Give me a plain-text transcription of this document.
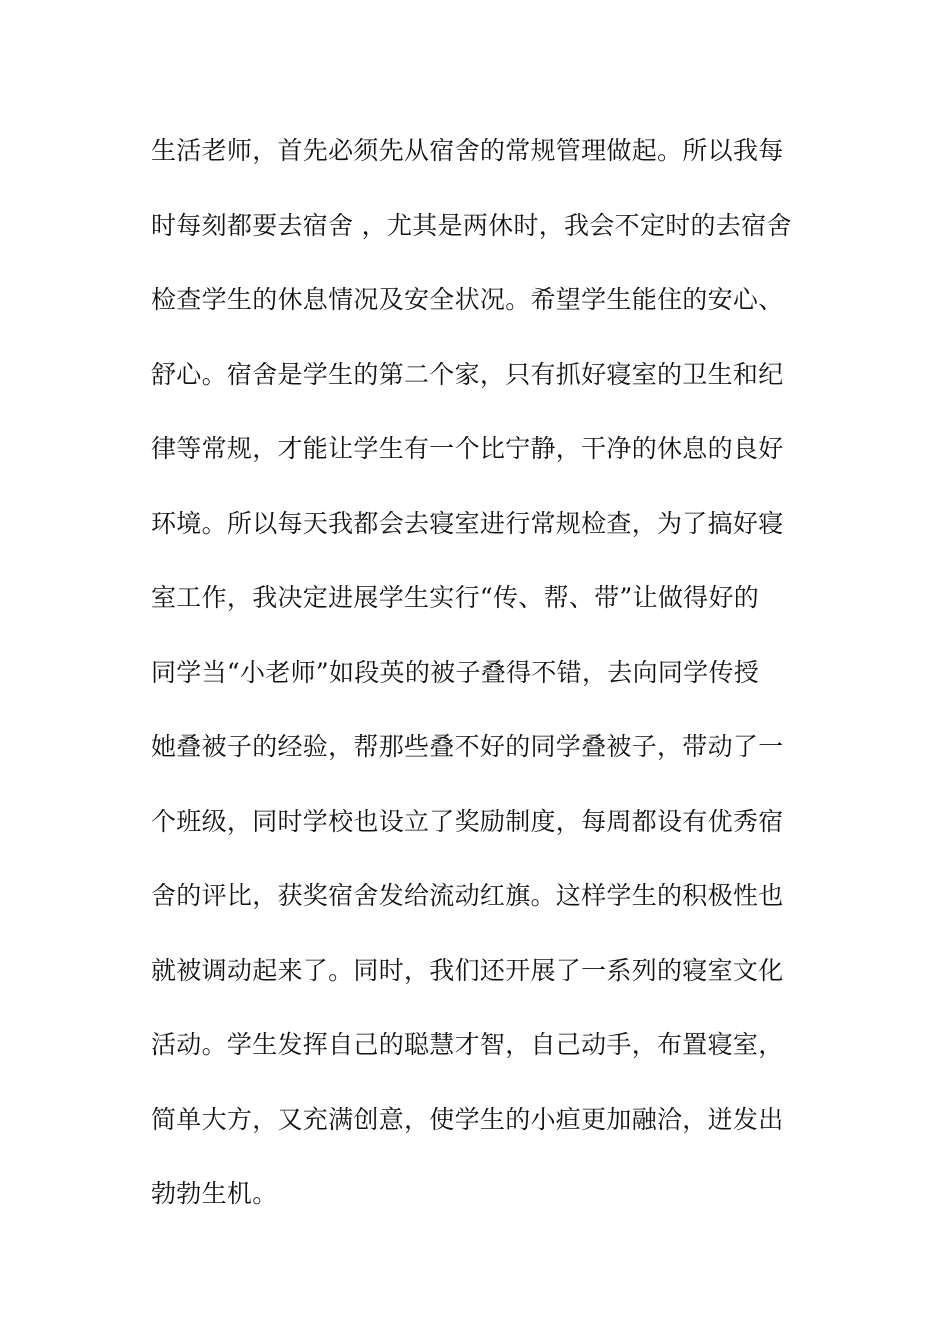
生活老师，首先必须先从宿舍的常规管理做起。所以我每
时每刻都要去宿舍 ，尤其是两休时，我会不定时的去宿舍
检查学生的休息情况及安全状况。希望学生能住的安心、
舒心。宿舍是学生的第二个家，只有抓好寝室的卫生和纪
律等常规，才能让学生有一个比宁静，干净的休息的良好
环境。所以每天我都会去寝室进行常规检查，为了搞好寝
室工作，我决定进展学生实行“传、帮、带”让做得好的
同学当“小老师”如段英的被子叠得不错，去向同学传授
她叠被子的经验，帮那些叠不好的同学叠被子，带动了一
个班级，同时学校也设立了奖励制度，每周都设有优秀宿
舍的评比，获奖宿舍发给流动红旗。这样学生的积极性也
就被调动起来了。同时，我们还开展了一系列的寝室文化
活动。学生发挥自己的聪慧才智，自己动手，布置寝室，
简单大方，又充满创意，使学生的小疸更加融洽，迸发出
勃勃生机。
